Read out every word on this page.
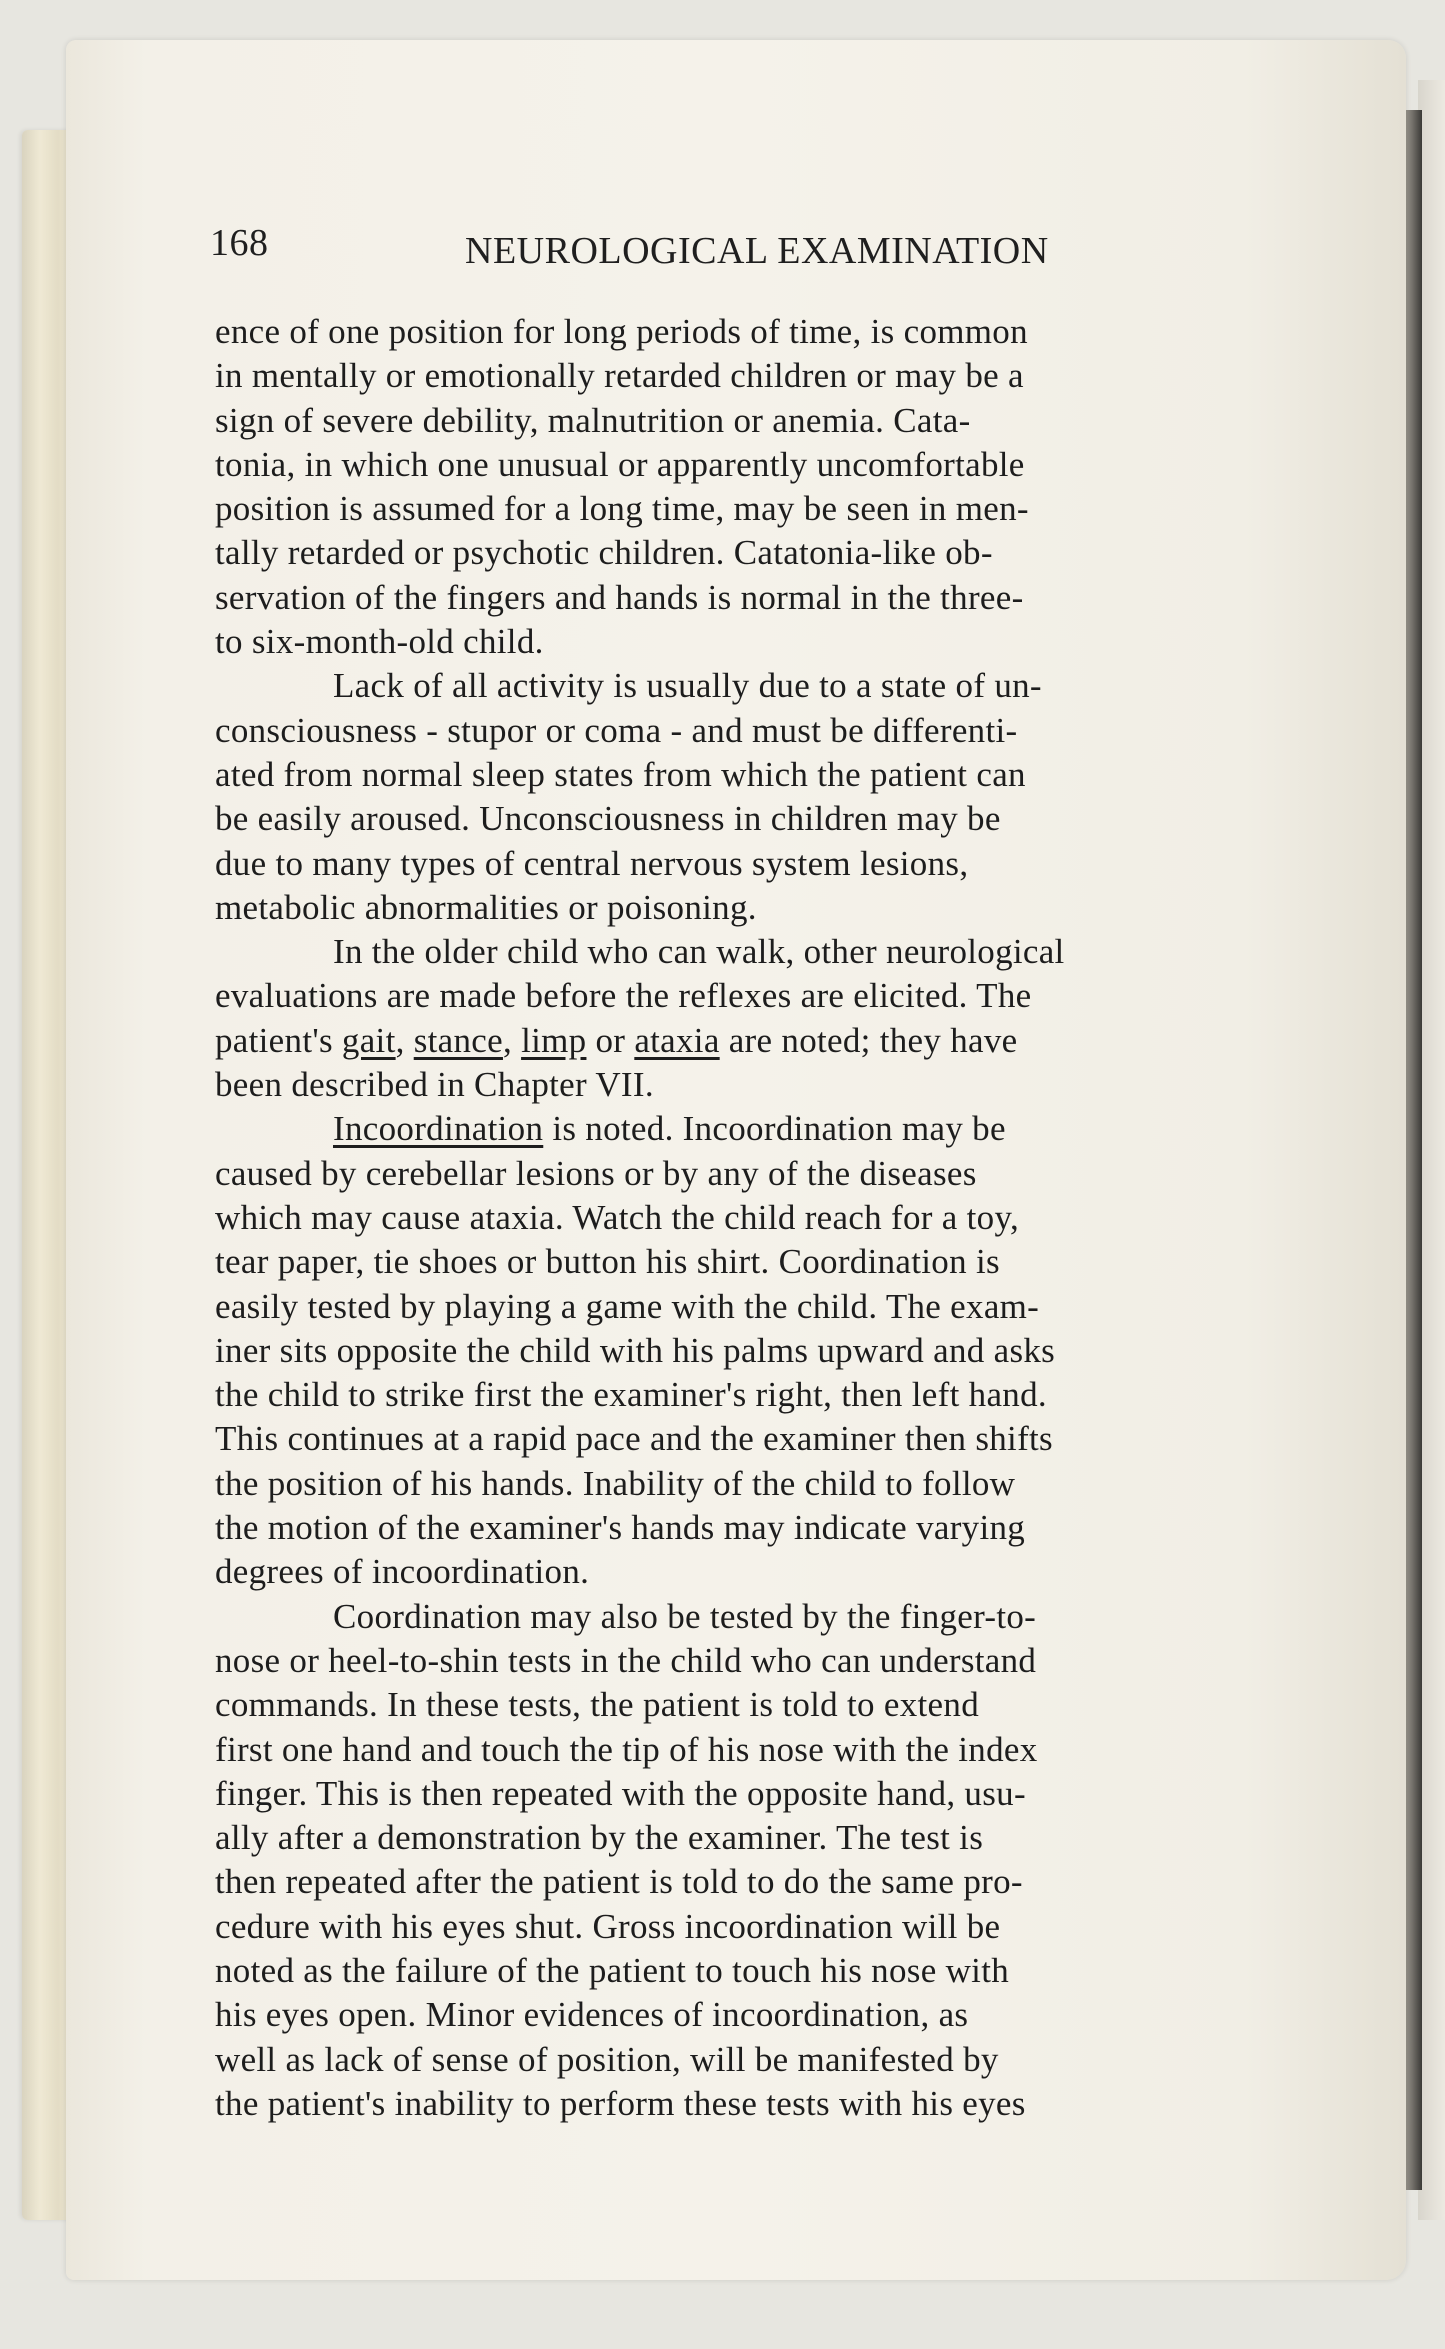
168	NEUROLOGICAL EXAMINATION

ence of one position for long periods of time, is common
in mentally or emotionally retarded children or may be a
sign of severe debility, malnutrition or anemia. Cata-
tonia, in which one unusual or apparently uncomfortable
position is assumed for a long time, may be seen in men-
tally retarded or psychotic children. Catatonia-like ob-
servation of the fingers and hands is normal in the three-
to six-month-old child.

Lack of all activity is usually due to a state of un-
consciousness - stupor or coma - and must be differenti-
ated from normal sleep states from which the patient can
be easily aroused. Unconsciousness in children may be
due to many types of central nervous system lesions,
metabolic abnormalities or poisoning.

In the older child who can walk, other neurological
evaluations are made before the reflexes are elicited. The
patient's gait, stance, limp or ataxia are noted; they have
been described in Chapter VII.

Incoordination is noted. Incoordination may be
caused by cerebellar lesions or by any of the diseases
which may cause ataxia. Watch the child reach for a toy,
tear paper, tie shoes or button his shirt. Coordination is
easily tested by playing a game with the child. The exam-
iner sits opposite the child with his palms upward and asks
the child to strike first the examiner's right, then left hand.
This continues at a rapid pace and the examiner then shifts
the position of his hands. Inability of the child to follow
the motion of the examiner's hands may indicate varying
degrees of incoordination.

Coordination may also be tested by the finger-to-
nose or heel-to-shin tests in the child who can understand
commands. In these tests, the patient is told to extend
first one hand and touch the tip of his nose with the index
finger. This is then repeated with the opposite hand, usu-
ally after a demonstration by the examiner. The test is
then repeated after the patient is told to do the same pro-
cedure with his eyes shut. Gross incoordination will be
noted as the failure of the patient to touch his nose with
his eyes open. Minor evidences of incoordination, as
well as lack of sense of position, will be manifested by
the patient's inability to perform these tests with his eyes
